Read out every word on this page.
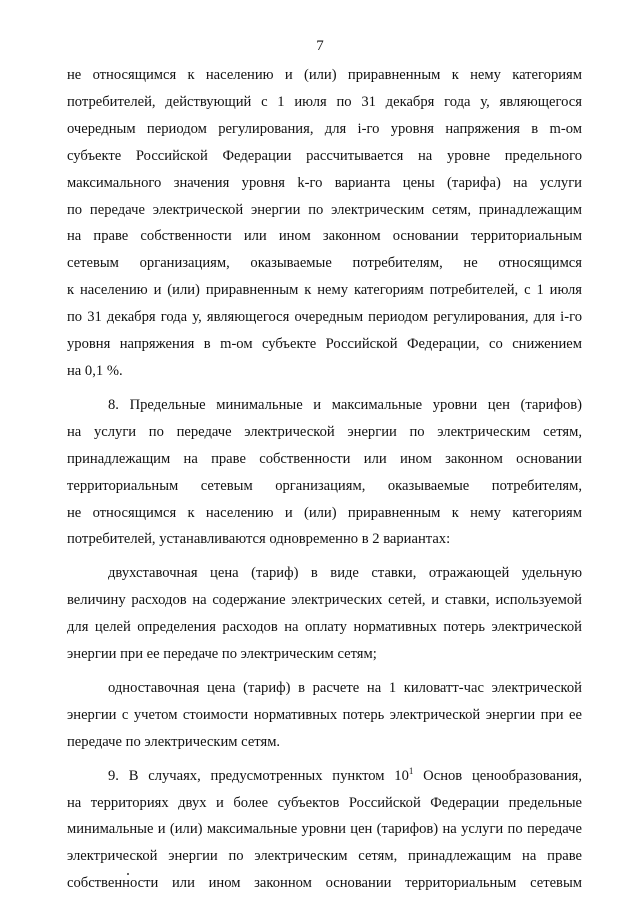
7
не относящимся к населению и (или) приравненным к нему категориям
потребителей, действующий с 1 июля по 31 декабря года у, являющегося
очередным периодом регулирования, для i-го уровня напряжения в m-ом
субъекте Российской Федерации рассчитывается на уровне предельного
максимального значения уровня k-го варианта цены (тарифа) на услуги
по передаче электрической энергии по электрическим сетям, принадлежащим
на праве собственности или ином законном основании территориальным
сетевым организациям, оказываемые потребителям, не относящимся
к населению и (или) приравненным к нему категориям потребителей, с 1 июля
по 31 декабря года у, являющегося очередным периодом регулирования, для i-го
уровня напряжения в m-ом субъекте Российской Федерации, со снижением
на 0,1 %.
8. Предельные минимальные и максимальные уровни цен (тарифов)
на услуги по передаче электрической энергии по электрическим сетям,
принадлежащим на праве собственности или ином законном основании
территориальным сетевым организациям, оказываемые потребителям,
не относящимся к населению и (или) приравненным к нему категориям
потребителей, устанавливаются одновременно в 2 вариантах:
двухставочная цена (тариф) в виде ставки, отражающей удельную
величину расходов на содержание электрических сетей, и ставки, используемой
для целей определения расходов на оплату нормативных потерь электрической
энергии при ее передаче по электрическим сетям;
одноставочная цена (тариф) в расчете на 1 киловатт-час электрической
энергии с учетом стоимости нормативных потерь электрической энергии при ее
передаче по электрическим сетям.
9. В случаях, предусмотренных пунктом $10^1$ Основ ценообразования,
на территориях двух и более субъектов Российской Федерации предельные
минимальные и (или) максимальные уровни цен (тарифов) на услуги по передаче
электрической энергии по электрическим сетям, принадлежащим на праве
собственности или ином законном основании территориальным сетевым
